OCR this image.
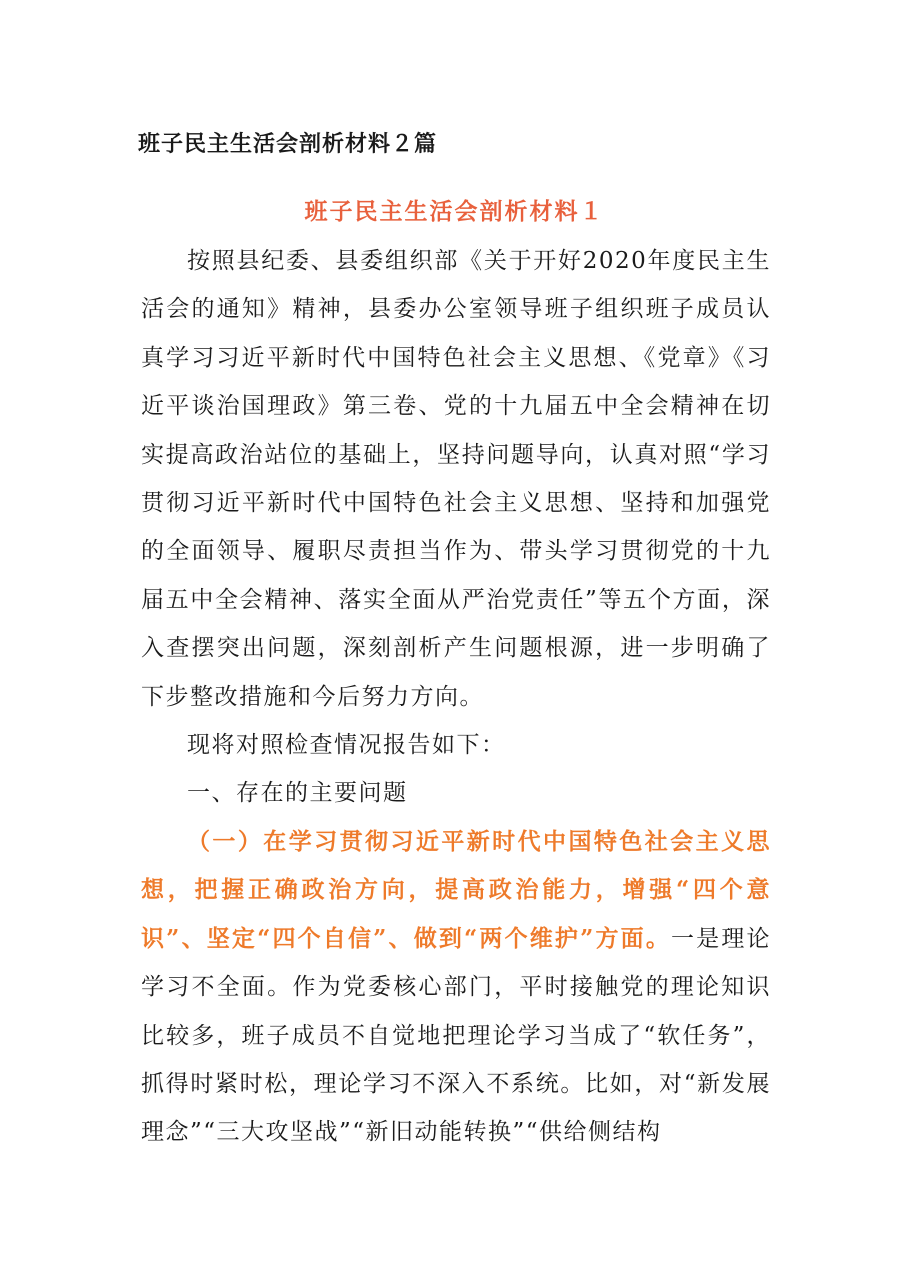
班子民主生活会剖析材料２篇
班子民主生活会剖析材料１

按照县纪委、县委组织部《关于开好2020年度民主生活会的通知》精神，县委办公室领导班子组织班子成员认真学习习近平新时代中国特色社会主义思想、《党章》《习近平谈治国理政》第三卷、党的十九届五中全会精神在切实提高政治站位的基础上，坚持问题导向，认真对照“学习贯彻习近平新时代中国特色社会主义思想、坚持和加强党的全面领导、履职尽责担当作为、带头学习贯彻党的十九届五中全会精神、落实全面从严治党责任”等五个方面，深入查摆突出问题，深刻剖析产生问题根源，进一步明确了下步整改措施和今后努力方向。

现将对照检查情况报告如下：

一、存在的主要问题

（一）在学习贯彻习近平新时代中国特色社会主义思想，把握正确政治方向，提高政治能力，增强“四个意识”、坚定“四个自信”、做到“两个维护”方面。一是理论学习不全面。作为党委核心部门，平时接触党的理论知识比较多，班子成员不自觉地把理论学习当成了“软任务”，抓得时紧时松，理论学习不深入不系统。比如，对“新发展理念”“三大攻坚战”“新旧动能转换”“供给侧结构
